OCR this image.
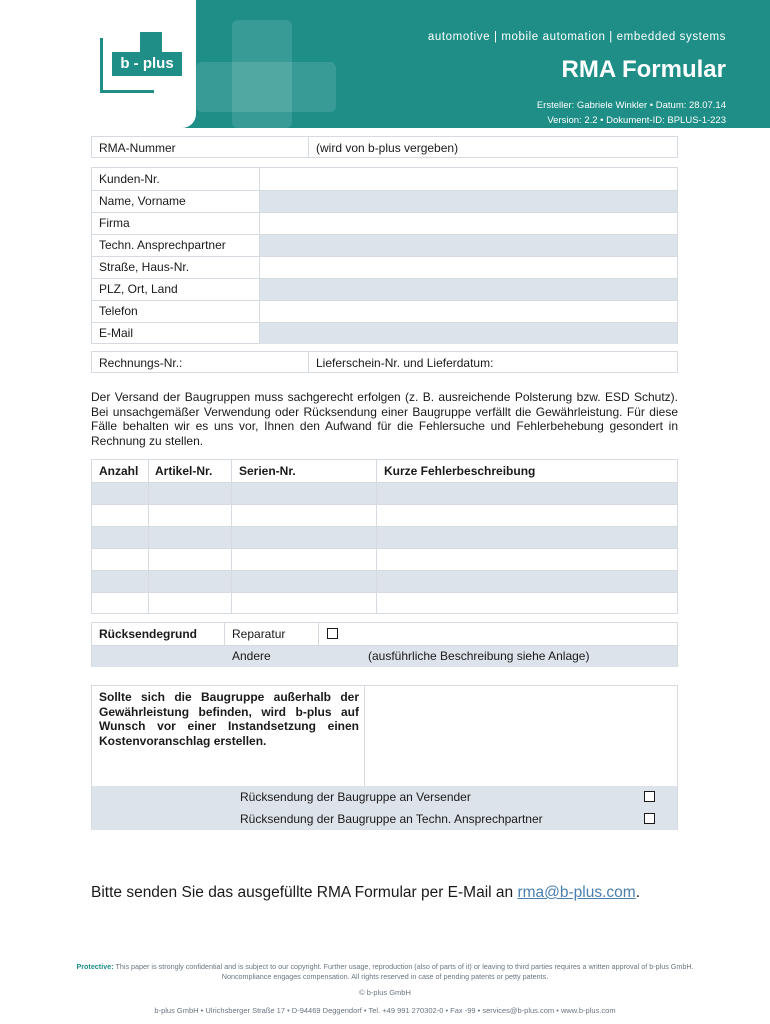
b - plus
automotive | mobile automation | embedded systems
RMA Formular
Ersteller: Gabriele Winkler • Datum: 28.07.14
Version: 2.2 • Dokument-ID: BPLUS-1-223
RMA-Nummer	(wird von b-plus vergeben)
Kunden-Nr.
Name, Vorname
Firma
Techn. Ansprechpartner
Straße, Haus-Nr.
PLZ, Ort, Land
Telefon
E-Mail
Rechnungs-Nr.:	Lieferschein-Nr. und Lieferdatum:
Der Versand der Baugruppen muss sachgerecht erfolgen (z. B. ausreichende Polsterung bzw. ESD Schutz). Bei unsachgemäßer Verwendung oder Rücksendung einer Baugruppe verfällt die Gewährleistung. Für diese Fälle behalten wir es uns vor, Ihnen den Aufwand für die Fehlersuche und Fehlerbehebung gesondert in Rechnung zu stellen.
Anzahl Artikel-Nr. Serien-Nr.	Kurze Fehlerbeschreibung
Rücksendegrund	Reparatur
Andere	(ausführliche Beschreibung siehe Anlage)
Sollte sich die Baugruppe außerhalb der Gewährleistung befinden, wird b-plus auf Wunsch vor einer Instandsetzung einen Kostenvoranschlag erstellen.
Rücksendung der Baugruppe an Versender
Rücksendung der Baugruppe an Techn. Ansprechpartner
Bitte senden Sie das ausgefüllte RMA Formular per E-Mail an rma@b-plus.com.
Protective: This paper is strongly confidential and is subject to our copyright. Further usage, reproduction (also of parts of it) or leaving to third parties requires a written approval of b-plus GmbH. Noncompliance engages compensation. All rights reserved in case of pending patents or petty patents.
© b-plus GmbH
b-plus GmbH • Ulrichsberger Straße 17 • D-94469 Deggendorf • Tel. +49 991 270302-0 • Fax -99 • services@b-plus.com • www.b-plus.com
